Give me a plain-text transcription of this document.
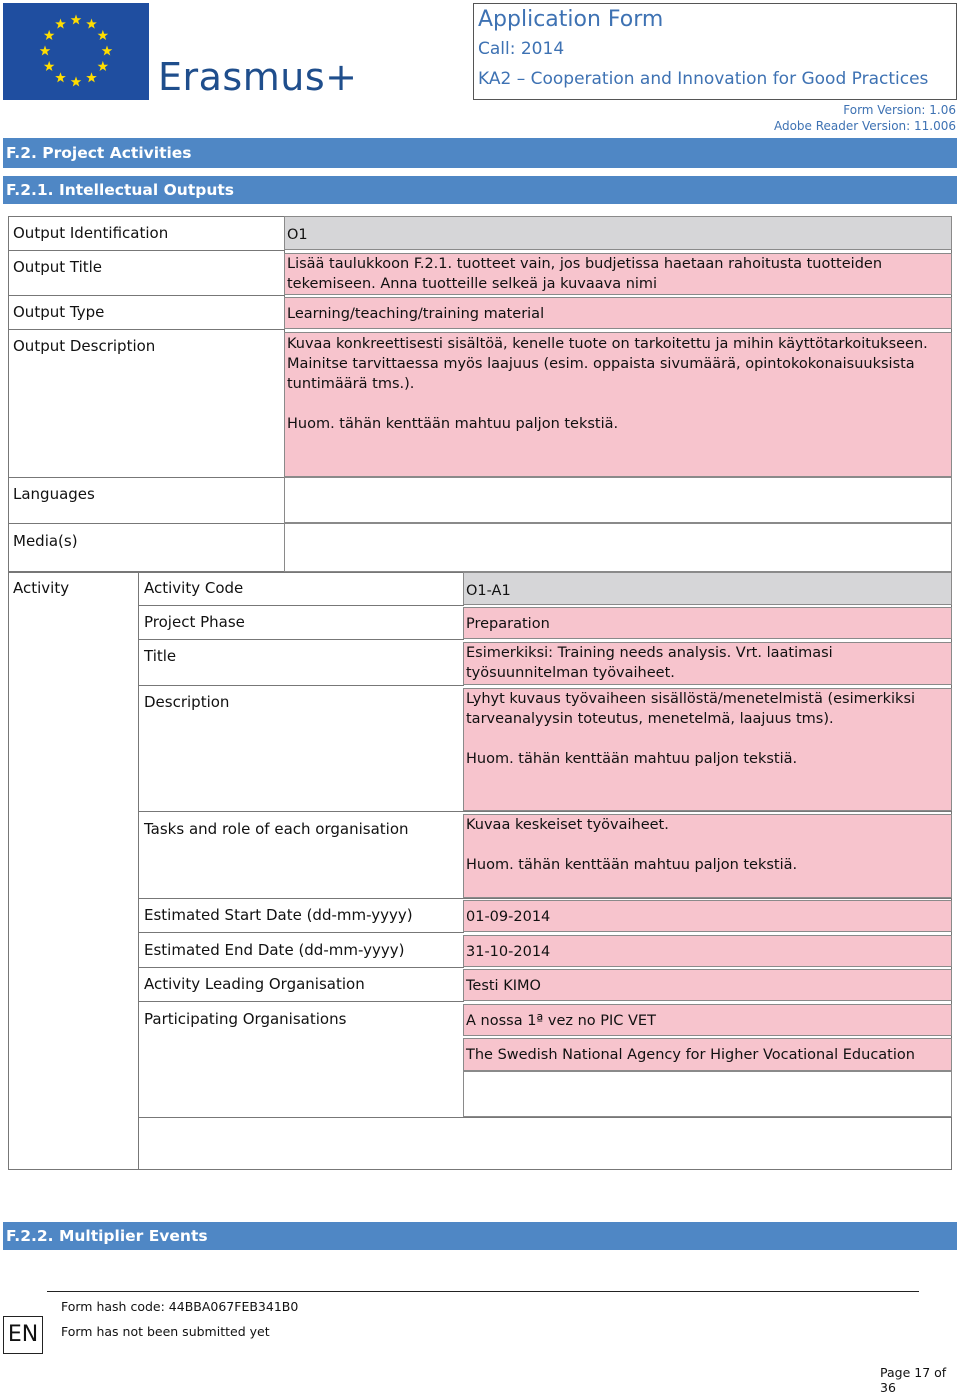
Erasmus+
Application Form
Call: 2014
KA2 – Cooperation and Innovation for Good Practices
Form Version: 1.06
Adobe Reader Version: 11.006
F.2. Project Activities
F.2.1. Intellectual Outputs
Output Identification	O1
Output Title	Lisää taulukkoon F.2.1. tuotteet vain, jos budjetissa haetaan rahoitusta tuotteiden tekemiseen. Anna tuotteille selkeä ja kuvaava nimi
Output Type	Learning/teaching/training material
Output Description	Kuvaa konkreettisesti sisältöä, kenelle tuote on tarkoitettu ja mihin käyttötarkoitukseen. Mainitse tarvittaessa myös laajuus (esim. oppaista sivumäärä, opintokokonaisuuksista tuntimäärä tms.).

Huom. tähän kenttään mahtuu paljon tekstiä.
Languages
Media(s)
Activity	Activity Code	O1-A1
Project Phase	Preparation
Title	Esimerkiksi: Training needs analysis. Vrt. laatimasi työsuunnitelman työvaiheet.
Description	Lyhyt kuvaus työvaiheen sisällöstä/menetelmistä (esimerkiksi tarveanalyysin toteutus, menetelmä, laajuus tms).

Huom. tähän kenttään mahtuu paljon tekstiä.
Tasks and role of each organisation	Kuvaa keskeiset työvaiheet.

Huom. tähän kenttään mahtuu paljon tekstiä.
Estimated Start Date (dd-mm-yyyy)	01-09-2014
Estimated End Date (dd-mm-yyyy)	31-10-2014
Activity Leading Organisation	Testi KIMO
Participating Organisations	A nossa 1ª vez no PIC VET
The Swedish National Agency for Higher Vocational Education
F.2.2. Multiplier Events
EN
Form hash code: 44BBA067FEB341B0
Form has not been submitted yet
Page 17 of 36
